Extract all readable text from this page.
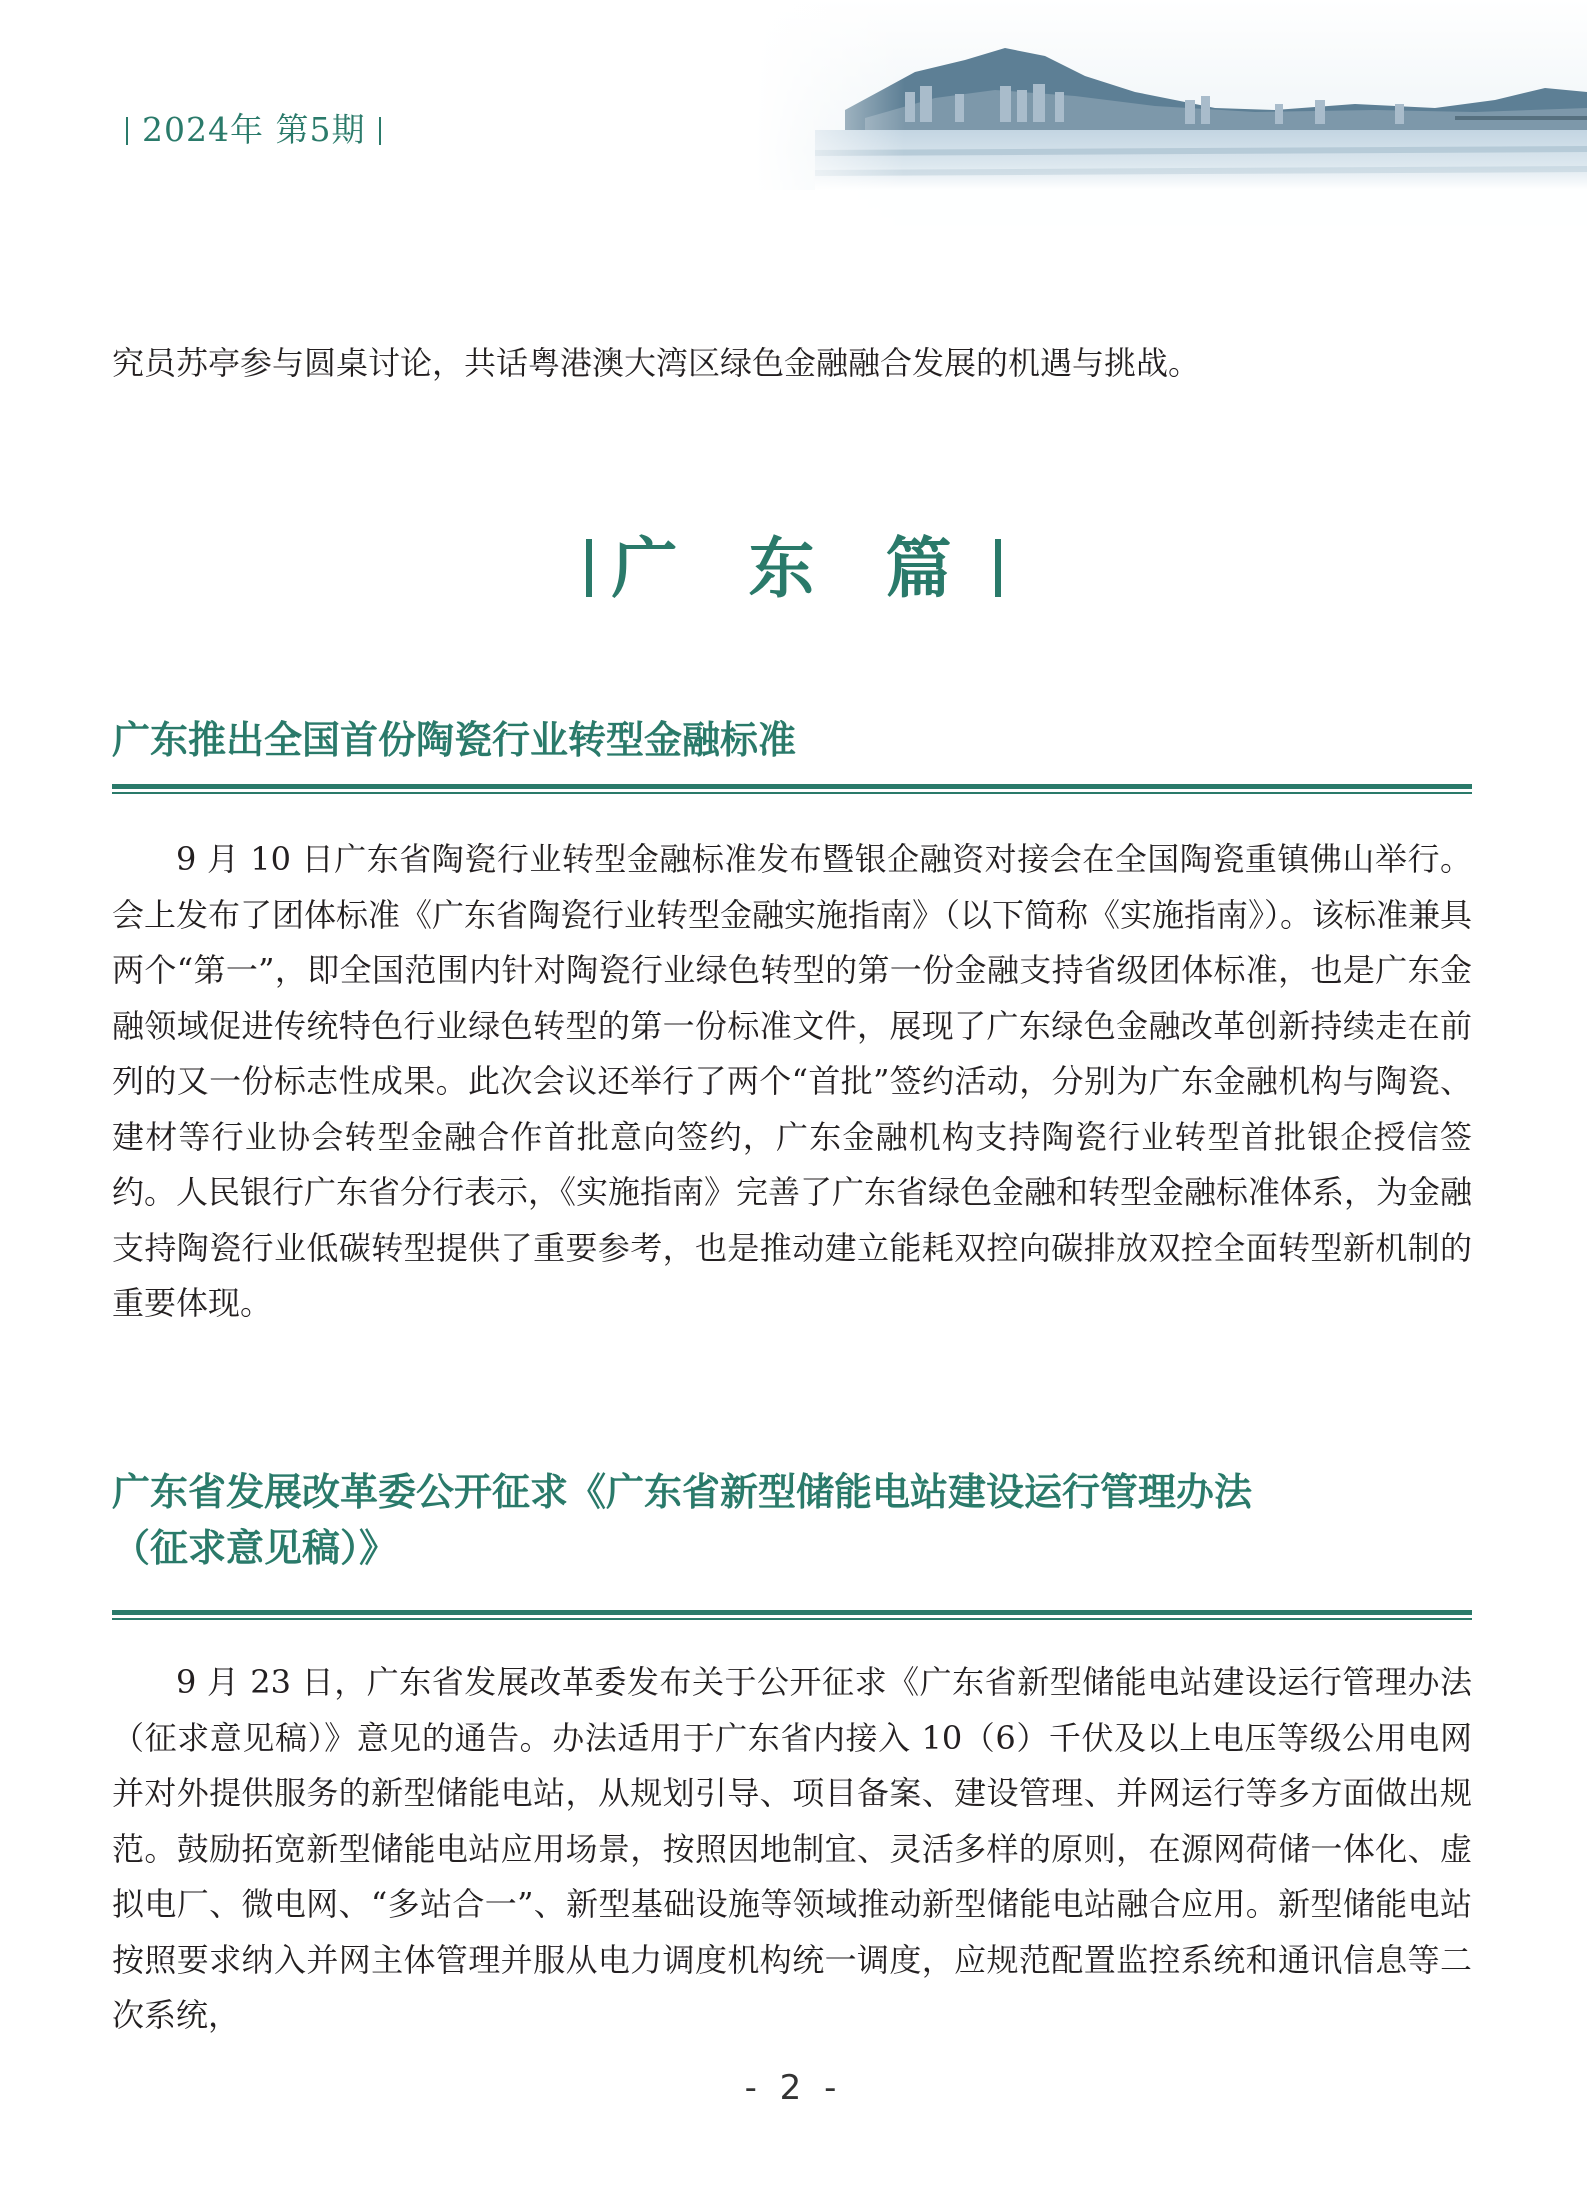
2024年 第5期
究员苏亭参与圆桌讨论，共话粤港澳大湾区绿色金融融合发展的机遇与挑战。
广 东 篇
广东推出全国首份陶瓷行业转型金融标准
9 月 10 日广东省陶瓷行业转型金融标准发布暨银企融资对接会在全国陶瓷重镇佛山举行。会上发布了团体标准《广东省陶瓷行业转型金融实施指南》（以下简称《实施指南》）。该标准兼具两个“第一”，即全国范围内针对陶瓷行业绿色转型的第一份金融支持省级团体标准，也是广东金融领域促进传统特色行业绿色转型的第一份标准文件，展现了广东绿色金融改革创新持续走在前列的又一份标志性成果。此次会议还举行了两个“首批”签约活动，分别为广东金融机构与陶瓷、建材等行业协会转型金融合作首批意向签约，广东金融机构支持陶瓷行业转型首批银企授信签约。人民银行广东省分行表示，《实施指南》完善了广东省绿色金融和转型金融标准体系，为金融支持陶瓷行业低碳转型提供了重要参考，也是推动建立能耗双控向碳排放双控全面转型新机制的重要体现。
广东省发展改革委公开征求《广东省新型储能电站建设运行管理办法
（征求意见稿）》
9 月 23 日，广东省发展改革委发布关于公开征求《广东省新型储能电站建设运行管理办法（征求意见稿）》意见的通告。办法适用于广东省内接入 10（6）千伏及以上电压等级公用电网并对外提供服务的新型储能电站，从规划引导、项目备案、建设管理、并网运行等多方面做出规范。鼓励拓宽新型储能电站应用场景，按照因地制宜、灵活多样的原则，在源网荷储一体化、虚拟电厂、微电网、“多站合一”、新型基础设施等领域推动新型储能电站融合应用。新型储能电站按照要求纳入并网主体管理并服从电力调度机构统一调度，应规范配置监控系统和通讯信息等二次系统，
- 2 -
